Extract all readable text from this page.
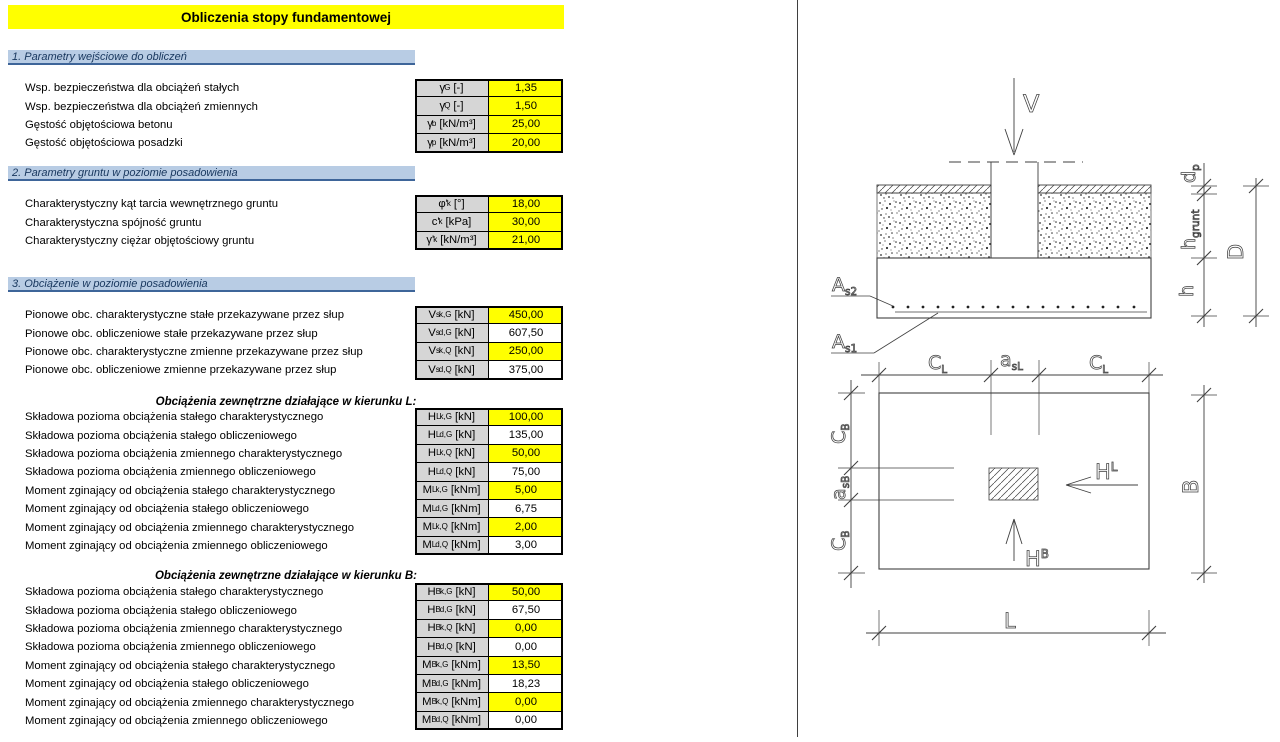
Obliczenia stopy fundamentowej
1. Parametry wejściowe do obliczeń
Wsp. bezpieczeństwa dla obciążeń stałych	γ G [-]	1,35
Wsp. bezpieczeństwa dla obciążeń zmiennych	γ Q [-]	1,50
Gęstość objętościowa betonu	γ b [kN/m³]	25,00
Gęstość objętościowa posadzki	γ p [kN/m³]	20,00
2. Parametry gruntu w poziomie posadowienia
Charakterystyczny kąt tarcia wewnętrznego gruntu	φ' k [°]	18,00
Charakterystyczna spójność gruntu	c' k [kPa]	30,00
Charakterystyczny ciężar objętościowy gruntu	γ' k [kN/m³]	21,00
3. Obciążenie w poziomie posadowienia
Pionowe obc. charakterystyczne stałe przekazywane przez słup	V s k,G [kN]	450,00
Pionowe obc. obliczeniowe stałe przekazywane przez słup	V s d,G [kN]	607,50
Pionowe obc. charakterystyczne zmienne przekazywane przez słup	V s k,Q [kN]	250,00
Pionowe obc. obliczeniowe zmienne przekazywane przez słup	V s d,Q [kN]	375,00
Obciążenia zewnętrzne działające w kierunku L:
Składowa pozioma obciążenia stałego charakterystycznego	H L k,G [kN]	100,00
Składowa pozioma obciążenia stałego obliczeniowego	H L d,G [kN]	135,00
Składowa pozioma obciążenia zmiennego charakterystycznego	H L k,Q [kN]	50,00
Składowa pozioma obciążenia zmiennego obliczeniowego	H L d,Q [kN]	75,00
Moment zginający od obciążenia stałego charakterystycznego	M L k,G [kNm]	5,00
Moment zginający od obciążenia stałego obliczeniowego	M L d,G [kNm]	6,75
Moment zginający od obciążenia zmiennego charakterystycznego	M L k,Q [kNm]	2,00
Moment zginający od obciążenia zmiennego obliczeniowego	M L d,Q [kNm]	3,00
Obciążenia zewnętrzne działające w kierunku B:
Składowa pozioma obciążenia stałego charakterystycznego	H B k,G [kN]	50,00
Składowa pozioma obciążenia stałego obliczeniowego	H B d,G [kN]	67,50
Składowa pozioma obciążenia zmiennego charakterystycznego	H B k,Q [kN]	0,00
Składowa pozioma obciążenia zmiennego obliczeniowego	H B d,Q [kN]	0,00
Moment zginający od obciążenia stałego charakterystycznego	M B k,G [kNm]	13,50
Moment zginający od obciążenia stałego obliczeniowego	M B d,G [kNm]	18,23
Moment zginający od obciążenia zmiennego charakterystycznego	M B k,Q [kNm]	0,00
Moment zginający od obciążenia zmiennego obliczeniowego	M B d,Q [kNm]	0,00
V
$A_{s2}$
$A_{s1}$
$d_p$
$h_{grunt}$
h
D
$C_L$	$a_{sL}$	$C_L$
$C_B$
$a_{sB}$
$C_B$
$H^L$
$H^B$
B
L
